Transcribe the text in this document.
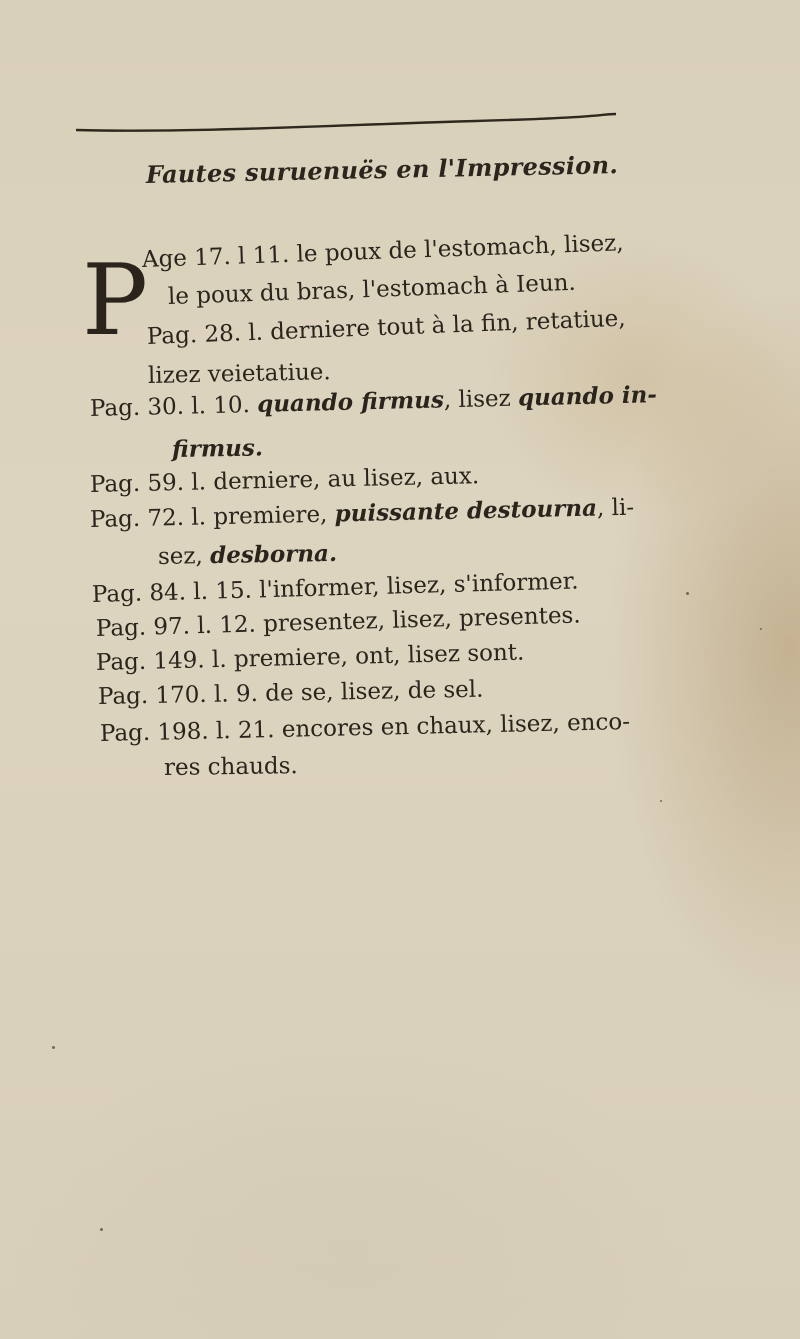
Fautes suruenuës en l'Impression.
P
Age 17. l 11. le poux de l'estomach, lisez,
le poux du bras, l'estomach à Ieun.
Pag. 28. l. derniere tout à la fin, retatiue,
lizez veietatiue.
Pag. 30. l. 10. quando firmus, lisez quando in-
firmus.
Pag. 59. l. derniere, au lisez, aux.
Pag. 72. l. premiere, puissante destourna, li-
sez, desborna.
Pag. 84. l. 15. l'informer, lisez, s'informer.
Pag. 97. l. 12. presentez, lisez, presentes.
Pag. 149. l. premiere, ont, lisez sont.
Pag. 170. l. 9. de se, lisez, de sel.
Pag. 198. l. 21. encores en chaux, lisez, enco-
res chauds.
